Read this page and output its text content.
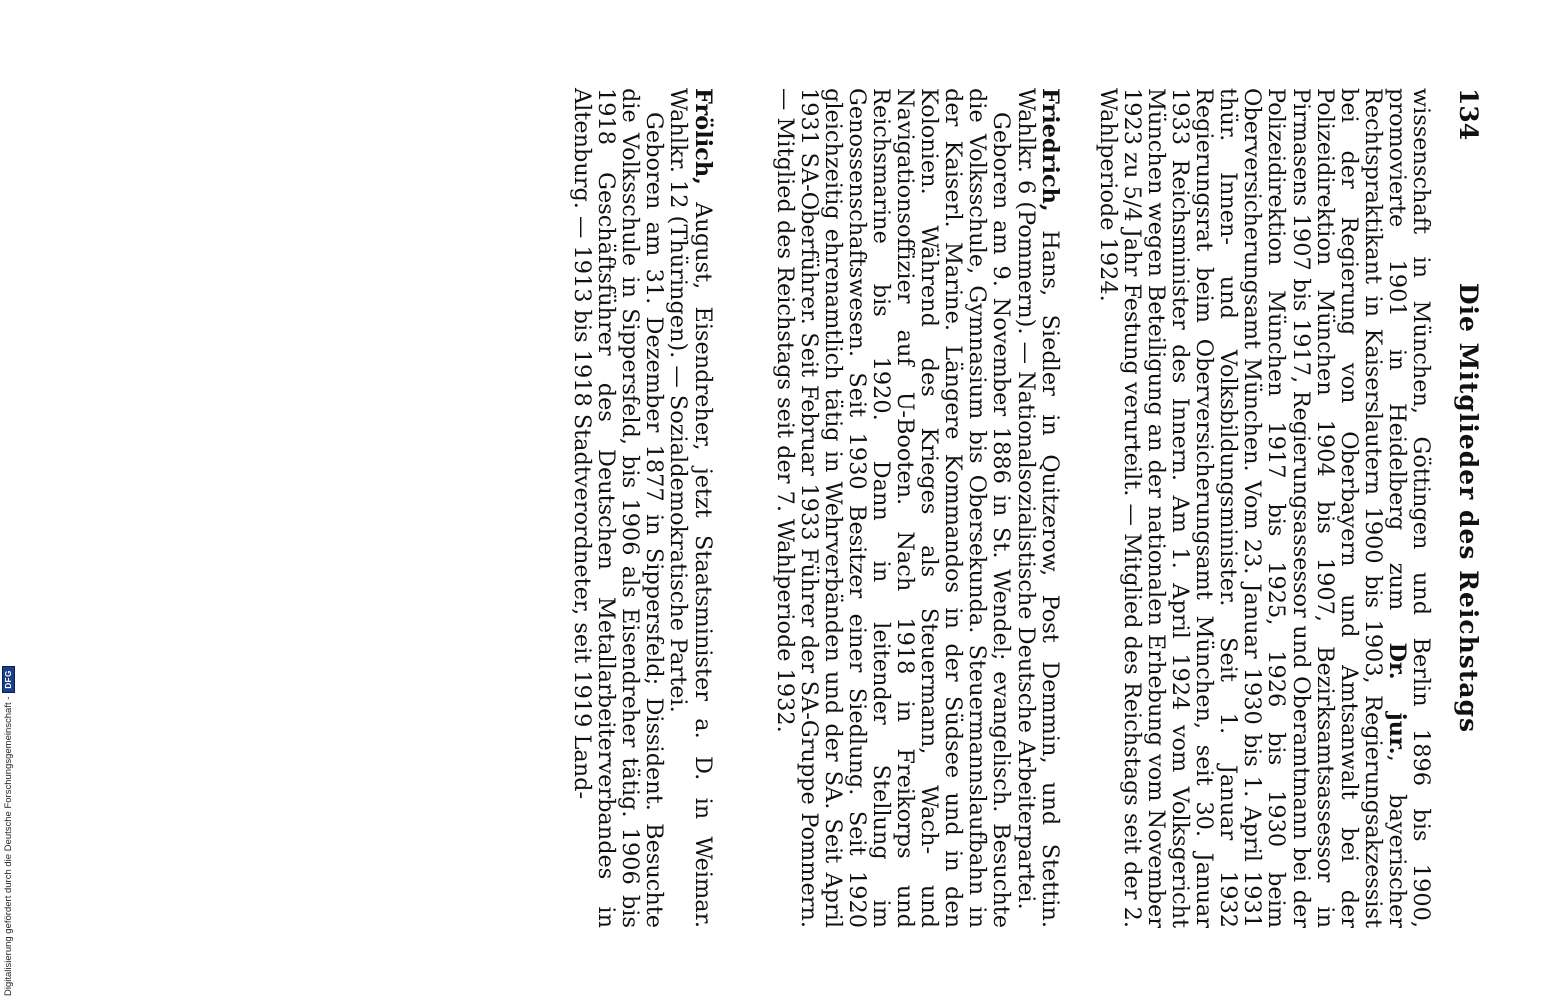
134
Die Mitglieder des Reichstags

wissenschaft in München, Göttingen und Berlin 1896 bis 1900, promovierte 1901 in Heidelberg zum Dr. jur., bayerischer Rechtspraktikant in Kaiserslautern 1900 bis 1903, Regierungsakzessist bei der Regierung von Oberbayern und Amtsanwalt bei der Polizeidirektion München 1904 bis 1907, Bezirksamtsassessor in Pirmasens 1907 bis 1917, Regierungsassessor und Oberamtmann bei der Polizeidirektion München 1917 bis 1925, 1926 bis 1930 beim Oberversicherungsamt München. Vom 23. Januar 1930 bis 1. April 1931 thür. Innen- und Volksbildungsminister. Seit 1. Januar 1932 Regierungsrat beim Oberversicherungsamt München, seit 30. Januar 1933 Reichsminister des Innern. Am 1. April 1924 vom Volksgericht München wegen Beteiligung an der nationalen Erhebung vom November 1923 zu 5/4 Jahr Festung verurteilt. — Mitglied des Reichstags seit der 2. Wahlperiode 1924.

Friedrich, Hans, Siedler in Quitzerow, Post Demmin, und Stettin. Wahlkr. 6 (Pommern). — Nationalsozialistische Deutsche Arbeiterpartei.

Geboren am 9. November 1886 in St. Wendel; evangelisch. Besuchte die Volksschule, Gymnasium bis Obersekunda. Steuermannslaufbahn in der Kaiserl. Marine. Längere Kommandos in der Südsee und in den Kolonien. Während des Krieges als Steuermann, Wach- und Navigationsoffizier auf U-Booten. Nach 1918 in Freikorps und Reichsmarine bis 1920. Dann in leitender Stellung im Genossenschaftswesen. Seit 1930 Besitzer einer Siedlung. Seit 1920 gleichzeitig ehrenamtlich tätig in Wehrverbänden und der SA. Seit April 1931 SA-Oberführer. Seit Februar 1933 Führer der SA-Gruppe Pommern. — Mitglied des Reichstags seit der 7. Wahlperiode 1932.

Frölich, August, Eisendreher, jetzt Staatsminister a. D. in Weimar. Wahlkr. 12 (Thüringen). — Sozialdemokratische Partei.

Geboren am 31. Dezember 1877 in Sippersfeld; Dissident. Besuchte die Volksschule in Sippersfeld, bis 1906 als Eisendreher tätig. 1906 bis 1918 Geschäftsführer des Deutschen Metallarbeiterverbandes in Altenburg. — 1913 bis 1918 Stadtverordneter, seit 1919 Land-

Digitalisierung gefördert durch die Deutsche Forschungsgemeinschaft -
DFG
